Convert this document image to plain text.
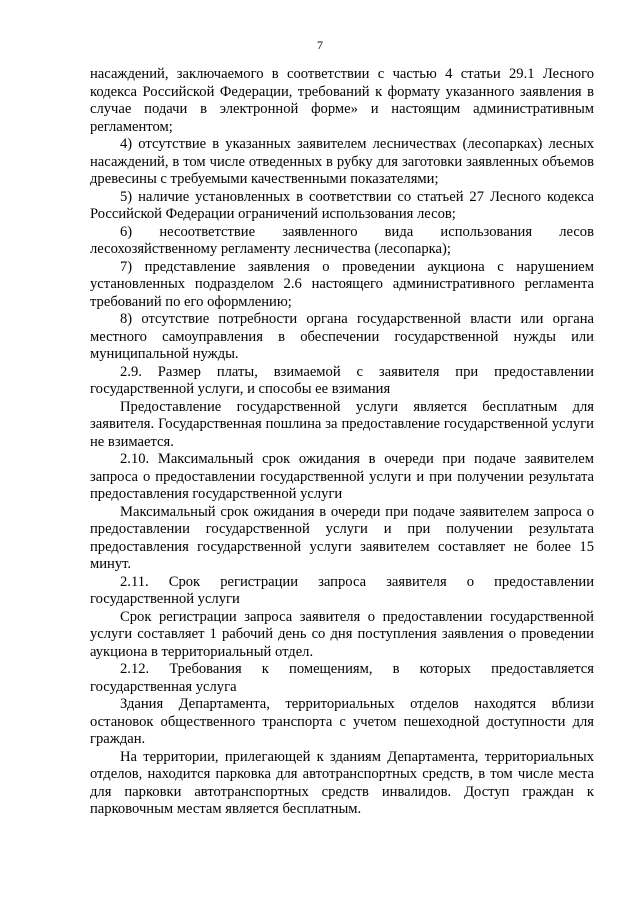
7

насаждений, заключаемого в соответствии с частью 4 статьи 29.1 Лесного кодекса Российской Федерации, требований к формату указанного заявления в случае подачи в электронной форме» и настоящим административным регламентом;

4) отсутствие в указанных заявителем лесничествах (лесопарках) лесных насаждений, в том числе отведенных в рубку для заготовки заявленных объемов древесины с требуемыми качественными показателями;

5) наличие установленных в соответствии со статьей 27 Лесного кодекса Российской Федерации ограничений использования лесов;

6) несоответствие заявленного вида использования лесов лесохозяйственному регламенту лесничества (лесопарка);

7) представление заявления о проведении аукциона с нарушением установленных подразделом 2.6 настоящего административного регламента требований по его оформлению;

8) отсутствие потребности органа государственной власти или органа местного самоуправления в обеспечении государственной нужды или муниципальной нужды.

2.9. Размер платы, взимаемой с заявителя при предоставлении государственной услуги, и способы ее взимания

Предоставление государственной услуги является бесплатным для заявителя. Государственная пошлина за предоставление государственной услуги не взимается.

2.10. Максимальный срок ожидания в очереди при подаче заявителем запроса о предоставлении государственной услуги и при получении результата предоставления государственной услуги

Максимальный срок ожидания в очереди при подаче заявителем запроса о предоставлении государственной услуги и при получении результата предоставления государственной услуги заявителем составляет не более 15 минут.

2.11. Срок регистрации запроса заявителя о предоставлении государственной услуги

Срок регистрации запроса заявителя о предоставлении государственной услуги составляет 1 рабочий день со дня поступления заявления о проведении аукциона в территориальный отдел.

2.12. Требования к помещениям, в которых предоставляется государственная услуга

Здания Департамента, территориальных отделов находятся вблизи остановок общественного транспорта с учетом пешеходной доступности для граждан.

На территории, прилегающей к зданиям Департамента, территориальных отделов, находится парковка для автотранспортных средств, в том числе места для парковки автотранспортных средств инвалидов. Доступ граждан к парковочным местам является бесплатным.
